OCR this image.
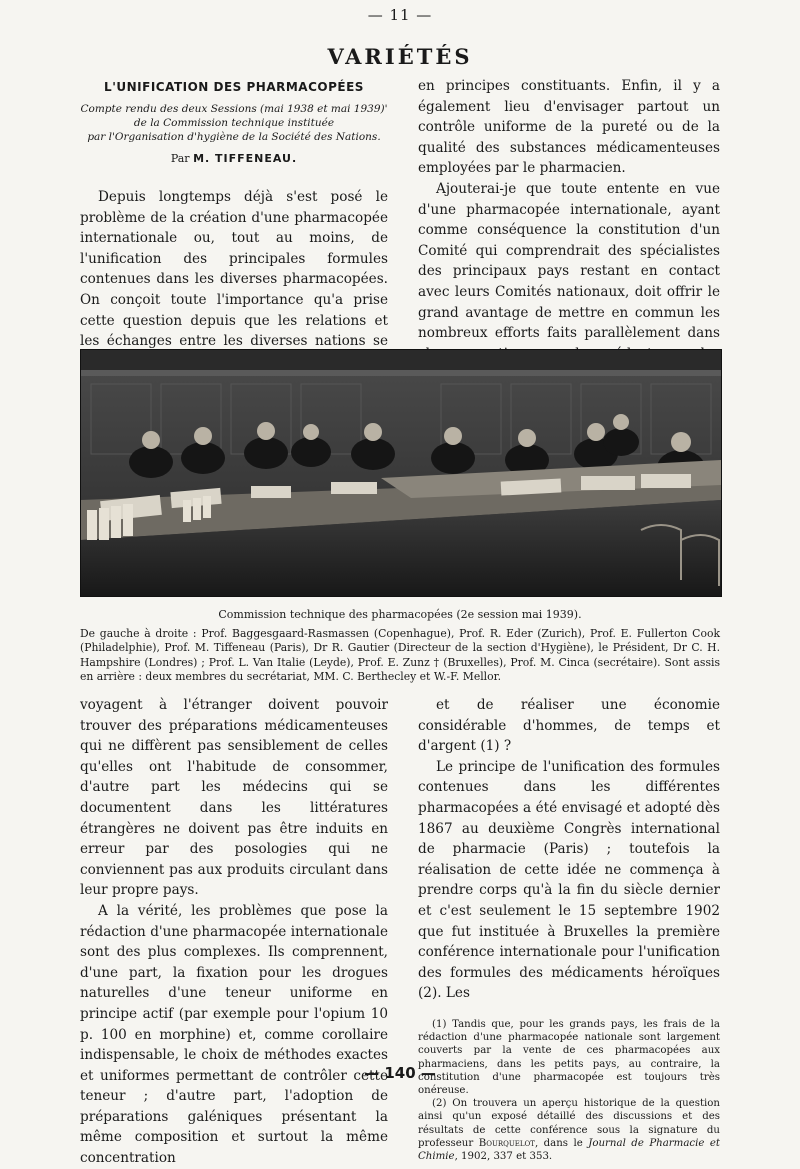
— 11 —
VARIÉTÉS
L'UNIFICATION DES PHARMACOPÉES

Compte rendu des deux Sessions (mai 1938 et mai 1939)'

de la Commission technique instituée

par l'Organisation d'hygiène de la Société des Nations.

Par M. TIFFENEAU.

Depuis longtemps déjà s'est posé le problème de la création d'une pharmacopée internationale ou, tout au moins, de l'unification des principales formules contenues dans les diverses pharmacopées. On conçoit toute l'importance qu'a prise cette question depuis que les relations et les échanges entre les diverses nations se

en principes constituants. Enfin, il y a également lieu d'envisager partout un contrôle uniforme de la pureté ou de la qualité des substances médicamenteuses employées par le pharmacien.

Ajouterai-je que toute entente en vue d'une pharmacopée internationale, ayant comme conséquence la constitution d'un Comité qui comprendrait des spécialistes des principaux pays restant en contact avec leurs Comités nationaux, doit offrir le grand avantage de mettre en commun les nombreux efforts faits parallèlement dans

Commission technique des pharmacopées (2e session mai 1939).
De gauche à droite : Prof. Baggesgaard-Rasmassen (Copenhague), Prof. R. Eder (Zurich), Prof. E. Fullerton Cook (Philadelphie), Prof. M. Tiffeneau (Paris), Dr R. Gautier (Directeur de la section d'Hygiène), le Président, Dr C. H. Hampshire (Londres) ; Prof. L. Van Italie (Leyde), Prof. E. Zunz † (Bruxelles), Prof. M. Cinca (secrétaire). Sont assis en arrière : deux membres du secrétariat, MM. C. Berthecley et W.-F. Mellor.

voyagent à l'étranger doivent pouvoir trouver des préparations médicamenteuses qui ne diffèrent pas sensiblement de celles qu'elles ont l'habitude de consommer, d'autre part les médecins qui se documentent dans les littératures étrangères ne doivent pas être induits en erreur par des posologies qui ne conviennent pas aux produits circulant dans leur propre pays.

A la vérité, les problèmes que pose la rédaction d'une pharmacopée internationale sont des plus complexes. Ils comprennent, d'une part, la fixation pour les drogues naturelles d'une teneur uniforme en principe actif (par exemple pour l'opium 10 p. 100 en morphine) et, comme corollaire indispensable, le choix de méthodes exactes et uniformes permettant de contrôler cette teneur ; d'autre part, l'adoption de préparations galéniques présentant la même composition et surtout la même concentration

et de réaliser une économie considérable d'hommes, de temps et d'argent (1) ?

Le principe de l'unification des formules contenues dans les différentes pharmacopées a été envisagé et adopté dès 1867 au deuxième Congrès international de pharmacie (Paris) ; toutefois la réalisation de cette idée ne commença à prendre corps qu'à la fin du siècle dernier et c'est seulement le 15 septembre 1902 que fut instituée à Bruxelles la première conférence internationale pour l'unification des formules des médicaments héroïques (2). Les

(1) Tandis que, pour les grands pays, les frais de la rédaction d'une pharmacopée nationale sont largement couverts par la vente de ces pharmacopées aux pharmaciens, dans les petits pays, au contraire, la constitution d'une pharmacopée est toujours très onéreuse.

(2) On trouvera un aperçu historique de la question ainsi qu'un exposé détaillé des discussions et des résultats de cette conférence sous la signature du professeur Bourquelot, dans le Journal de Pharmacie et Chimie, 1902, 337 et 353.

— 140 —
